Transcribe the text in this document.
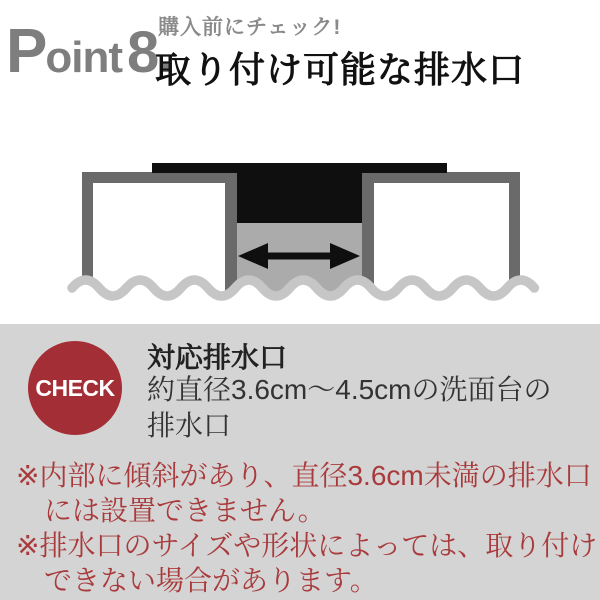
Point8
購入前にチェック!
取り付け可能な排水口
CHECK
対応排水口
約直径3.6cm〜4.5cmの洗面台の
排水口
※内部に傾斜があり、直径3.6cm未満の排水口
には設置できません。
※排水口のサイズや形状によっては、取り付け
できない場合があります。
